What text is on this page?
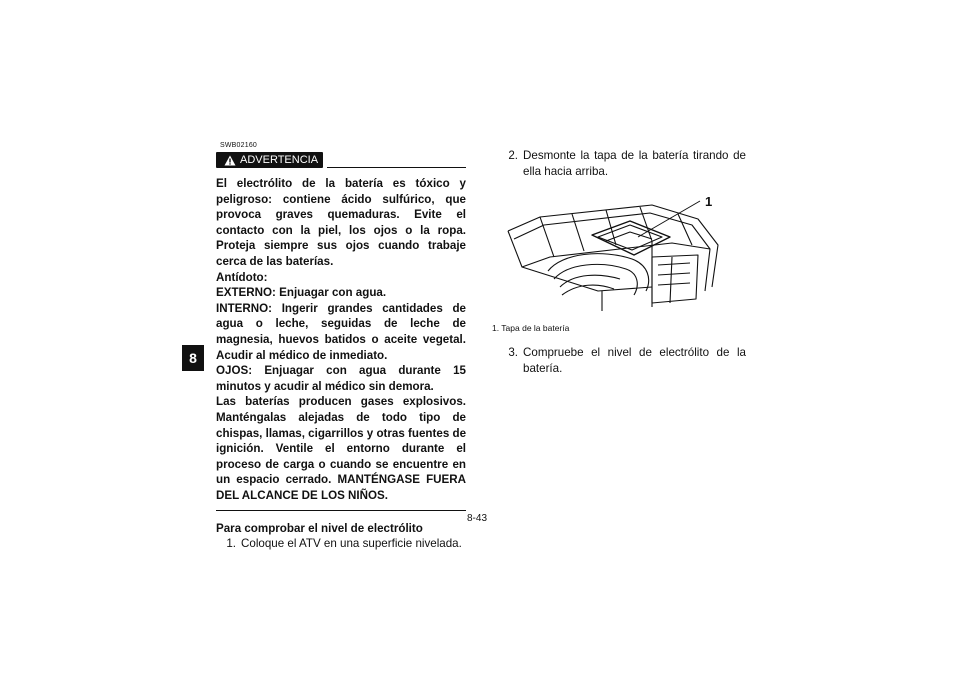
8
SWB02160
ADVERTENCIA

El electrólito de la batería es tóxico y peligroso: contiene ácido sulfúrico, que provoca graves quemaduras. Evite el contacto con la piel, los ojos o la ropa. Proteja siempre sus ojos cuando trabaje cerca de las baterías.

Antídoto:

EXTERNO: Enjuagar con agua.

INTERNO: Ingerir grandes cantidades de agua o leche, seguidas de leche de magnesia, huevos batidos o aceite vegetal. Acudir al médico de inmediato.

OJOS: Enjuagar con agua durante 15 minutos y acudir al médico sin demora.

Las baterías producen gases explosivos. Manténgalas alejadas de todo tipo de chispas, llamas, cigarrillos y otras fuentes de ignición. Ventile el entorno durante el proceso de carga o cuando se encuentre en un espacio cerrado. MANTÉNGASE FUERA DEL ALCANCE DE LOS NIÑOS.

Para comprobar el nivel de electrólito
1. Coloque el ATV en una superficie nivelada.
2. Desmonte la tapa de la batería tirando de ella hacia arriba.
1
1. Tapa de la batería
3. Compruebe el nivel de electrólito de la batería.
8-43
